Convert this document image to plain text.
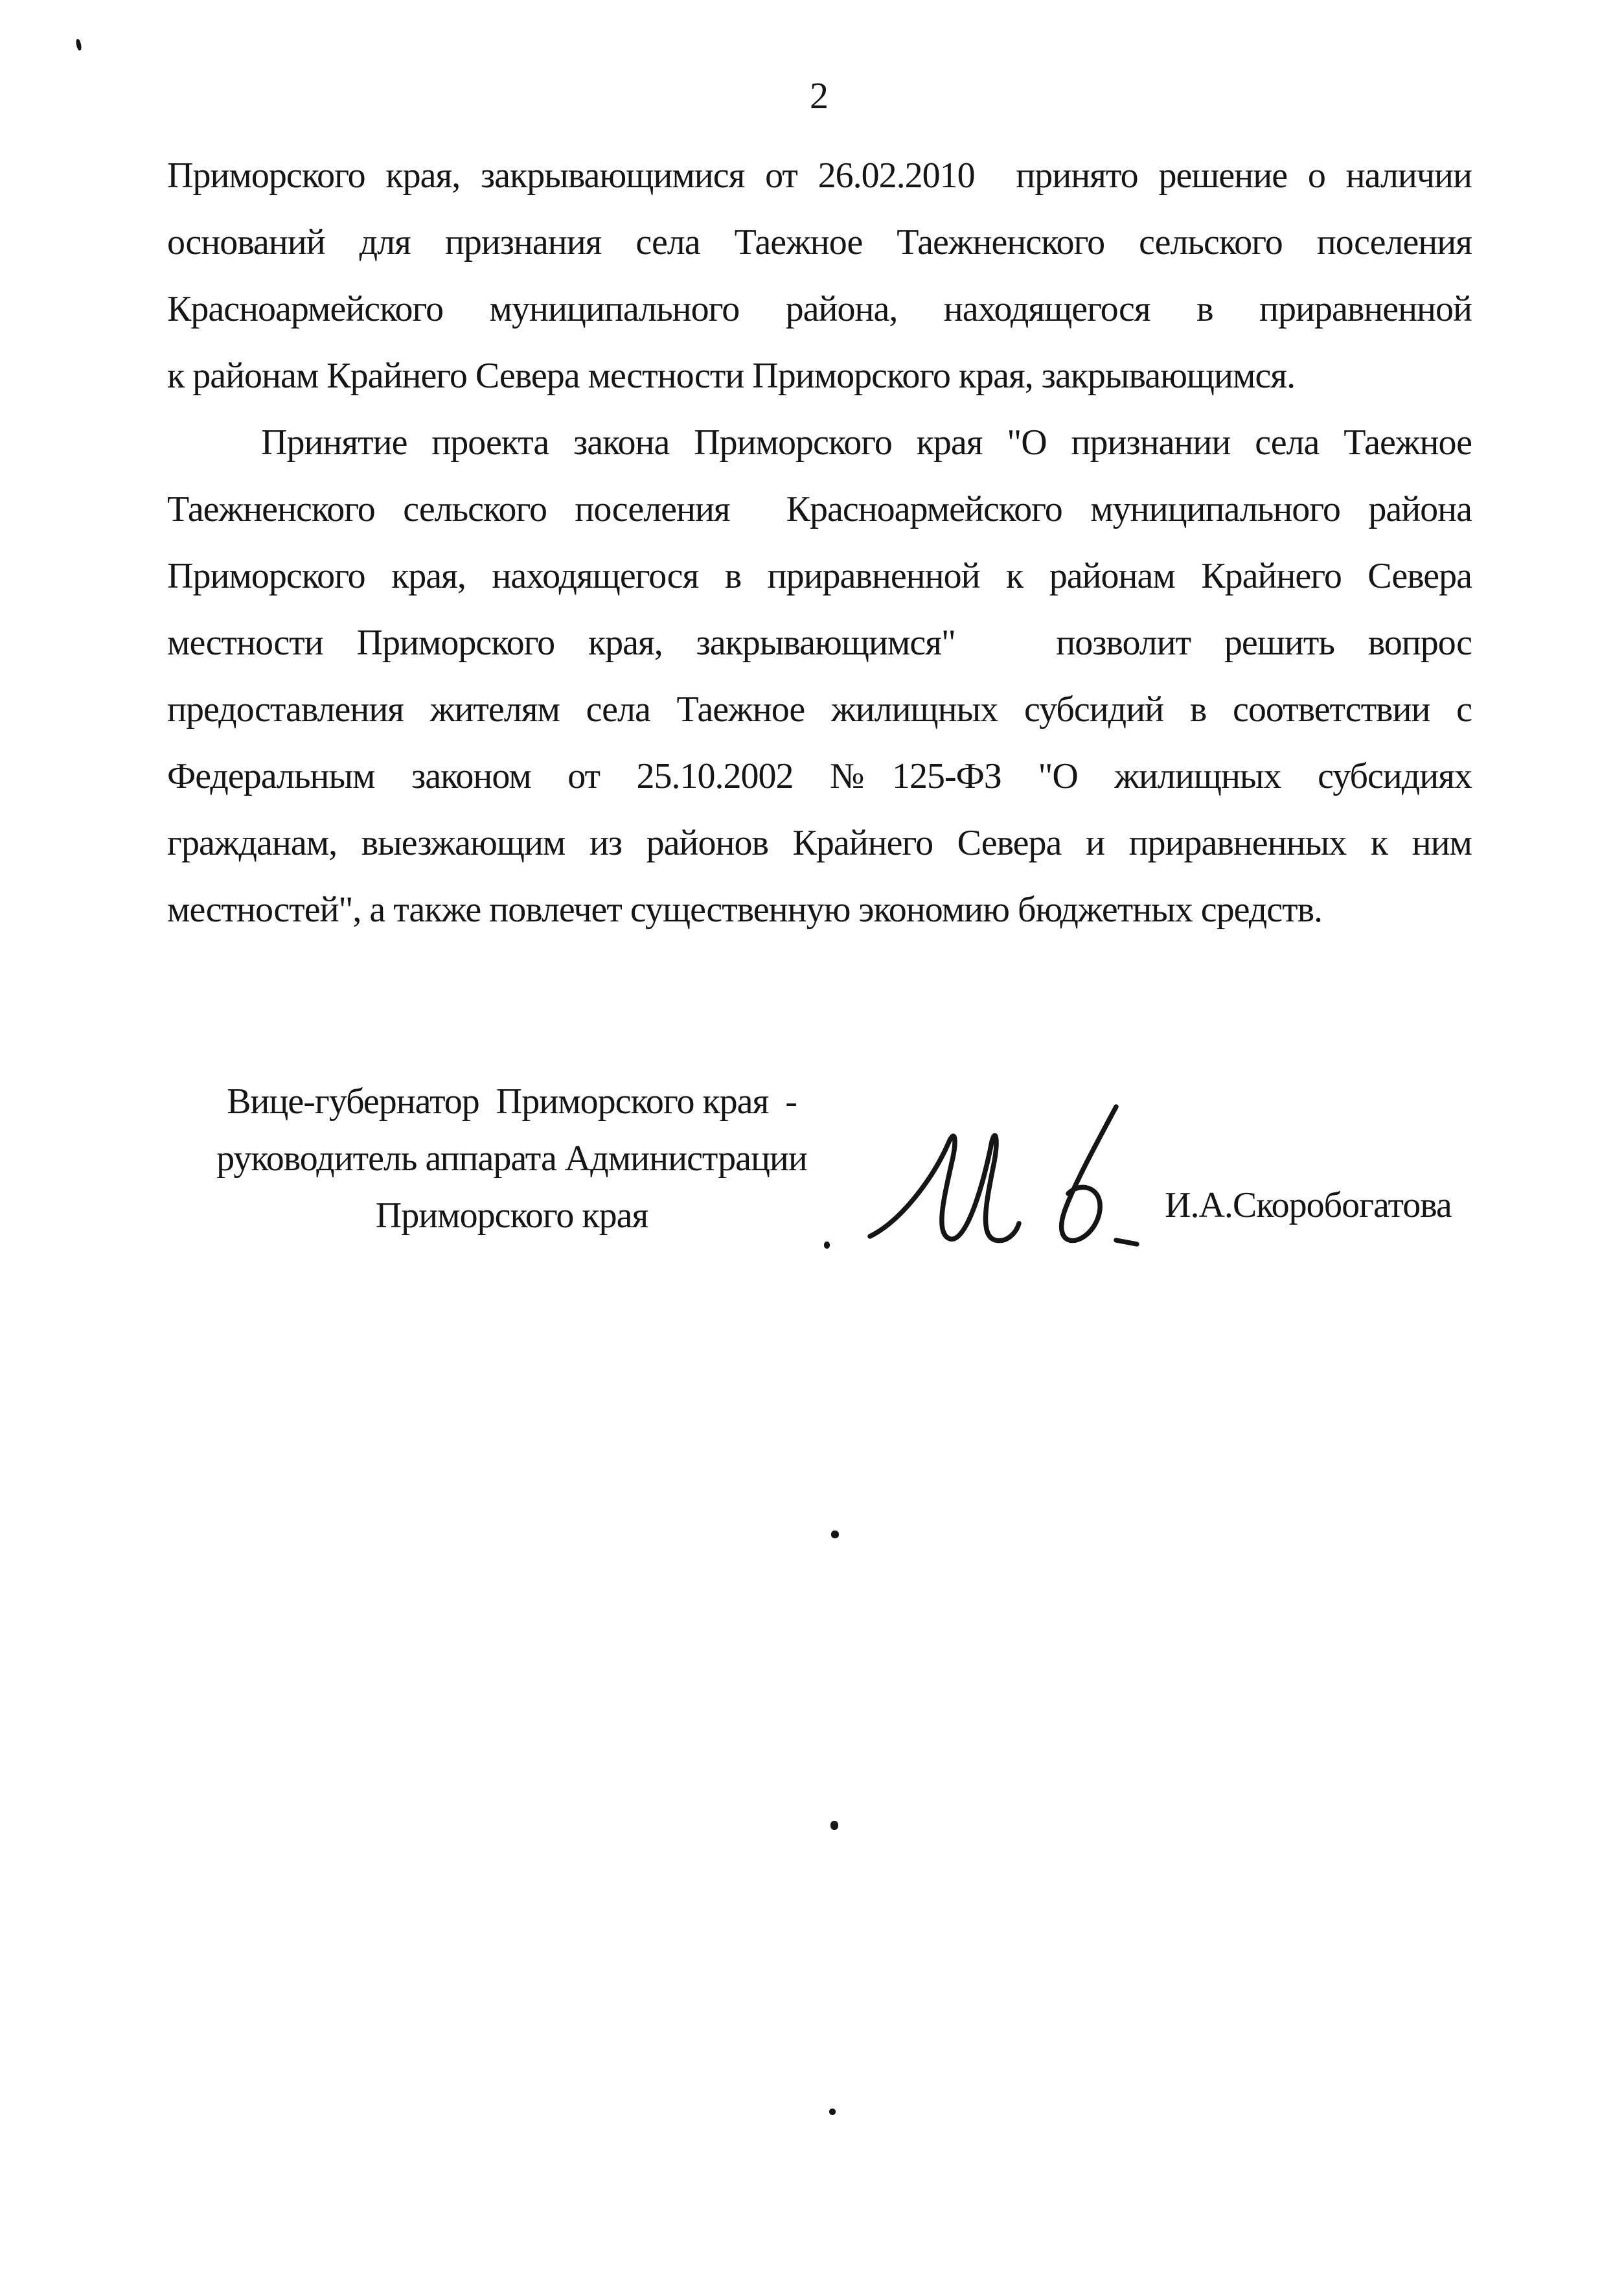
2
Приморского края, закрывающимися от 26.02.2010  принято решение о наличии
оснований для признания села Таежное Таежненского сельского поселения
Красноармейского муниципального района, находящегося в приравненной
к районам Крайнего Севера местности Приморского края, закрывающимся.
Принятие проекта закона Приморского края "О признании села Таежное
Таежненского сельского поселения  Красноармейского муниципального района
Приморского края, находящегося в приравненной к районам Крайнего Севера
местности Приморского края, закрывающимся"   позволит решить вопрос
предоставления жителям села Таежное жилищных субсидий в соответствии с
Федеральным законом от 25.10.2002 №125-ФЗ "О жилищных субсидиях
гражданам, выезжающим из районов Крайнего Севера и приравненных к ним
местностей", а также повлечет существенную экономию бюджетных средств.
Вице-губернатор  Приморского края  -
руководитель аппарата Администрации
Приморского края	И.А.Скоробогатова
